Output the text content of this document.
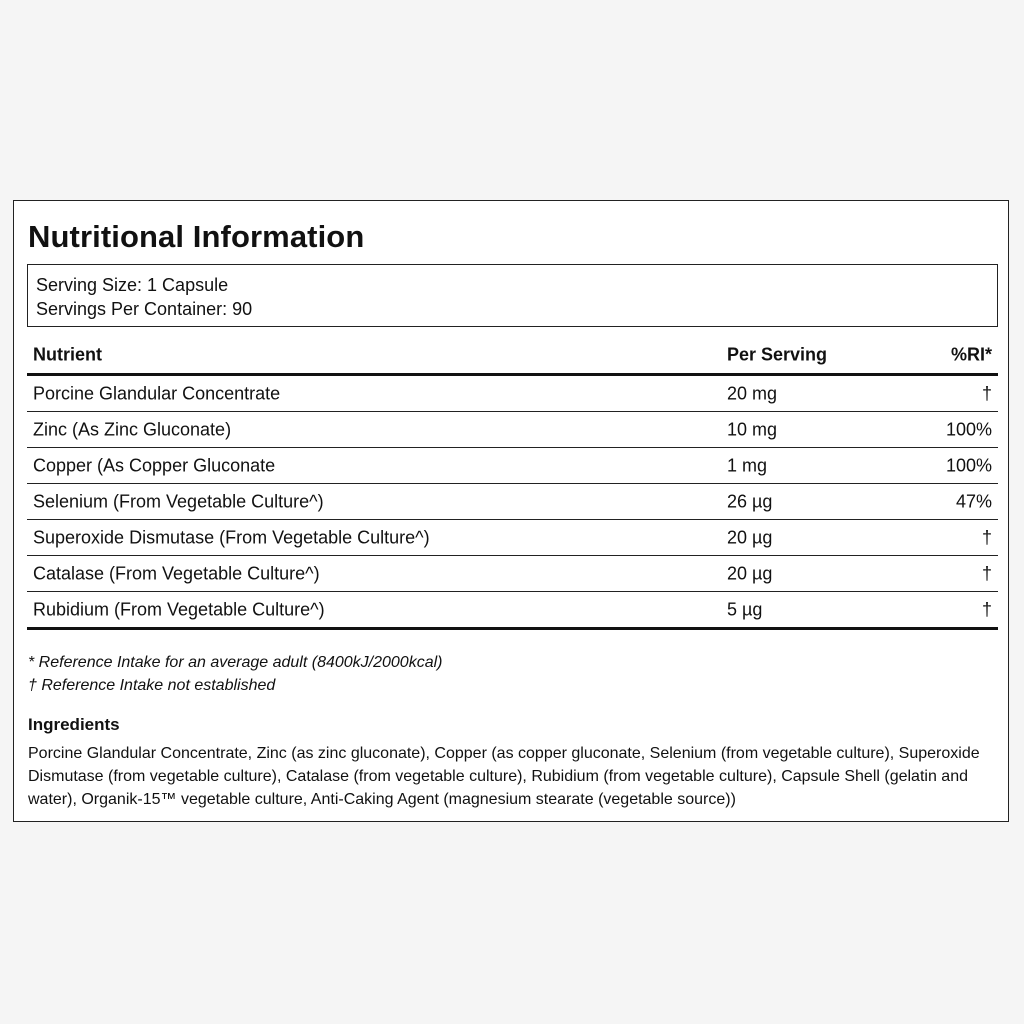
Nutritional Information
Serving Size: 1 Capsule
Servings Per Container: 90
Nutrient	Per Serving	%RI*
Porcine Glandular Concentrate	20 mg	†
Zinc (As Zinc Gluconate)	10 mg	100%
Copper (As Copper Gluconate	1 mg	100%
Selenium (From Vegetable Culture^)	26 µg	47%
Superoxide Dismutase (From Vegetable Culture^)	20 µg	†
Catalase (From Vegetable Culture^)	20 µg	†
Rubidium (From Vegetable Culture^)	5 µg	†
* Reference Intake for an average adult (8400kJ/2000kcal)
† Reference Intake not established
Ingredients
Porcine Glandular Concentrate, Zinc (as zinc gluconate), Copper (as copper gluconate, Selenium (from vegetable culture), Superoxide Dismutase (from vegetable culture), Catalase (from vegetable culture), Rubidium (from vegetable culture), Capsule Shell (gelatin and water), Organik-15™ vegetable culture, Anti-Caking Agent (magnesium stearate (vegetable source))
